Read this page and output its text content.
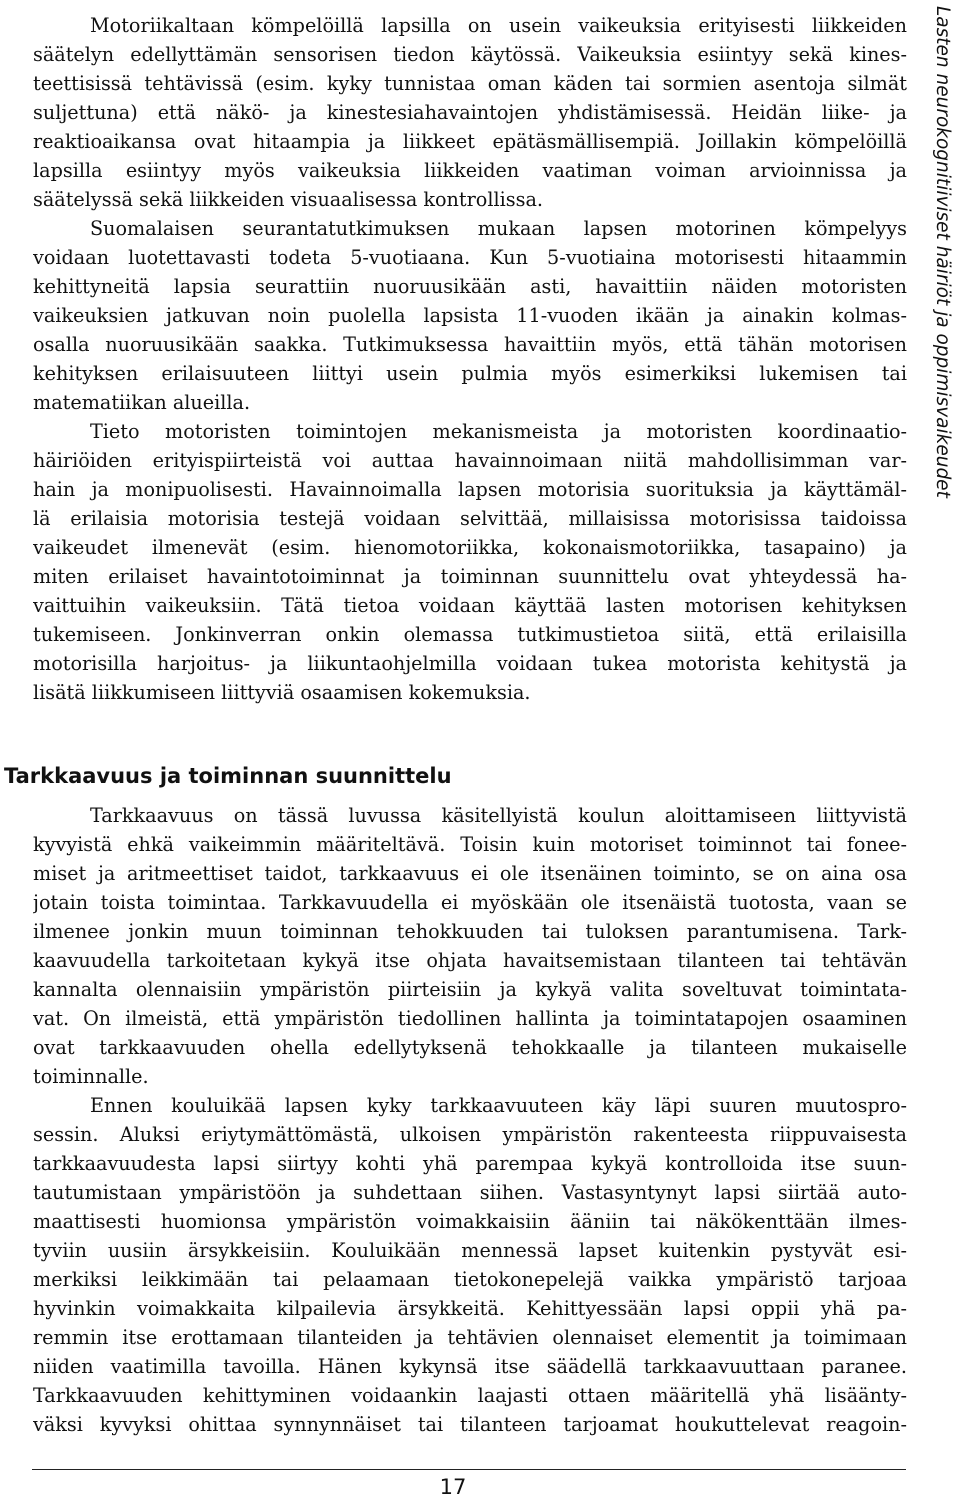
Lasten neurokognitiiviset häiriöt ja oppimisvaikeudet
Motoriikaltaan kömpelöillä lapsilla on usein vaikeuksia erityisesti liikkeiden
säätelyn edellyttämän sensorisen tiedon käytössä. Vaikeuksia esiintyy sekä kines-
teettisissä tehtävissä (esim. kyky tunnistaa oman käden tai sormien asentoja silmät
suljettuna) että näkö- ja kinestesiahavaintojen yhdistämisessä. Heidän liike- ja
reaktioaikansa ovat hitaampia ja liikkeet epätäsmällisempiä. Joillakin kömpelöillä
lapsilla esiintyy myös vaikeuksia liikkeiden vaatiman voiman arvioinnissa ja
säätelyssä sekä liikkeiden visuaalisessa kontrollissa.
Suomalaisen seurantatutkimuksen mukaan lapsen motorinen kömpelyys
voidaan luotettavasti todeta 5-vuotiaana. Kun 5-vuotiaina motorisesti hitaammin
kehittyneitä lapsia seurattiin nuoruusikään asti, havaittiin näiden motoristen
vaikeuksien jatkuvan noin puolella lapsista 11-vuoden ikään ja ainakin kolmas-
osalla nuoruusikään saakka. Tutkimuksessa havaittiin myös, että tähän motorisen
kehityksen erilaisuuteen liittyi usein pulmia myös esimerkiksi lukemisen tai
matematiikan alueilla.
Tieto motoristen toimintojen mekanismeista ja motoristen koordinaatio-
häiriöiden erityispiirteistä voi auttaa havainnoimaan niitä mahdollisimman var-
hain ja monipuolisesti. Havainnoimalla lapsen motorisia suorituksia ja käyttämäl-
lä erilaisia motorisia testejä voidaan selvittää, millaisissa motorisissa taidoissa
vaikeudet ilmenevät (esim. hienomotoriikka, kokonaismotoriikka, tasapaino) ja
miten erilaiset havaintotoiminnat ja toiminnan suunnittelu ovat yhteydessä ha-
vaittuihin vaikeuksiin. Tätä tietoa voidaan käyttää lasten motorisen kehityksen
tukemiseen. Jonkinverran onkin olemassa tutkimustietoa siitä, että erilaisilla
motorisilla harjoitus- ja liikuntaohjelmilla voidaan tukea motorista kehitystä ja
lisätä liikkumiseen liittyviä osaamisen kokemuksia.
Tarkkaavuus ja toiminnan suunnittelu
Tarkkaavuus on tässä luvussa käsitellyistä koulun aloittamiseen liittyvistä
kyvyistä ehkä vaikeimmin määriteltävä. Toisin kuin motoriset toiminnot tai fonee-
miset ja aritmeettiset taidot, tarkkaavuus ei ole itsenäinen toiminto, se on aina osa
jotain toista toimintaa. Tarkkavuudella ei myöskään ole itsenäistä tuotosta, vaan se
ilmenee jonkin muun toiminnan tehokkuuden tai tuloksen parantumisena. Tark-
kaavuudella tarkoitetaan kykyä itse ohjata havaitsemistaan tilanteen tai tehtävän
kannalta olennaisiin ympäristön piirteisiin ja kykyä valita soveltuvat toimintata-
vat. On ilmeistä, että ympäristön tiedollinen hallinta ja toimintatapojen osaaminen
ovat tarkkaavuuden ohella edellytyksenä tehokkaalle ja tilanteen mukaiselle
toiminnalle.
Ennen kouluikää lapsen kyky tarkkaavuuteen käy läpi suuren muutospro-
sessin. Aluksi eriytymättömästä, ulkoisen ympäristön rakenteesta riippuvaisesta
tarkkaavuudesta lapsi siirtyy kohti yhä parempaa kykyä kontrolloida itse suun-
tautumistaan ympäristöön ja suhdettaan siihen. Vastasyntynyt lapsi siirtää auto-
maattisesti huomionsa ympäristön voimakkaisiin ääniin tai näkökenttään ilmes-
tyviin uusiin ärsykkeisiin. Kouluikään mennessä lapset kuitenkin pystyvät esi-
merkiksi leikkimään tai pelaamaan tietokonepelejä vaikka ympäristö tarjoaa
hyvinkin voimakkaita kilpailevia ärsykkeitä. Kehittyessään lapsi oppii yhä pa-
remmin itse erottamaan tilanteiden ja tehtävien olennaiset elementit ja toimimaan
niiden vaatimilla tavoilla. Hänen kykynsä itse säädellä tarkkaavuuttaan paranee.
Tarkkaavuuden kehittyminen voidaankin laajasti ottaen määritellä yhä lisäänty-
väksi kyvyksi ohittaa synnynnäiset tai tilanteen tarjoamat houkuttelevat reagoin-
17
